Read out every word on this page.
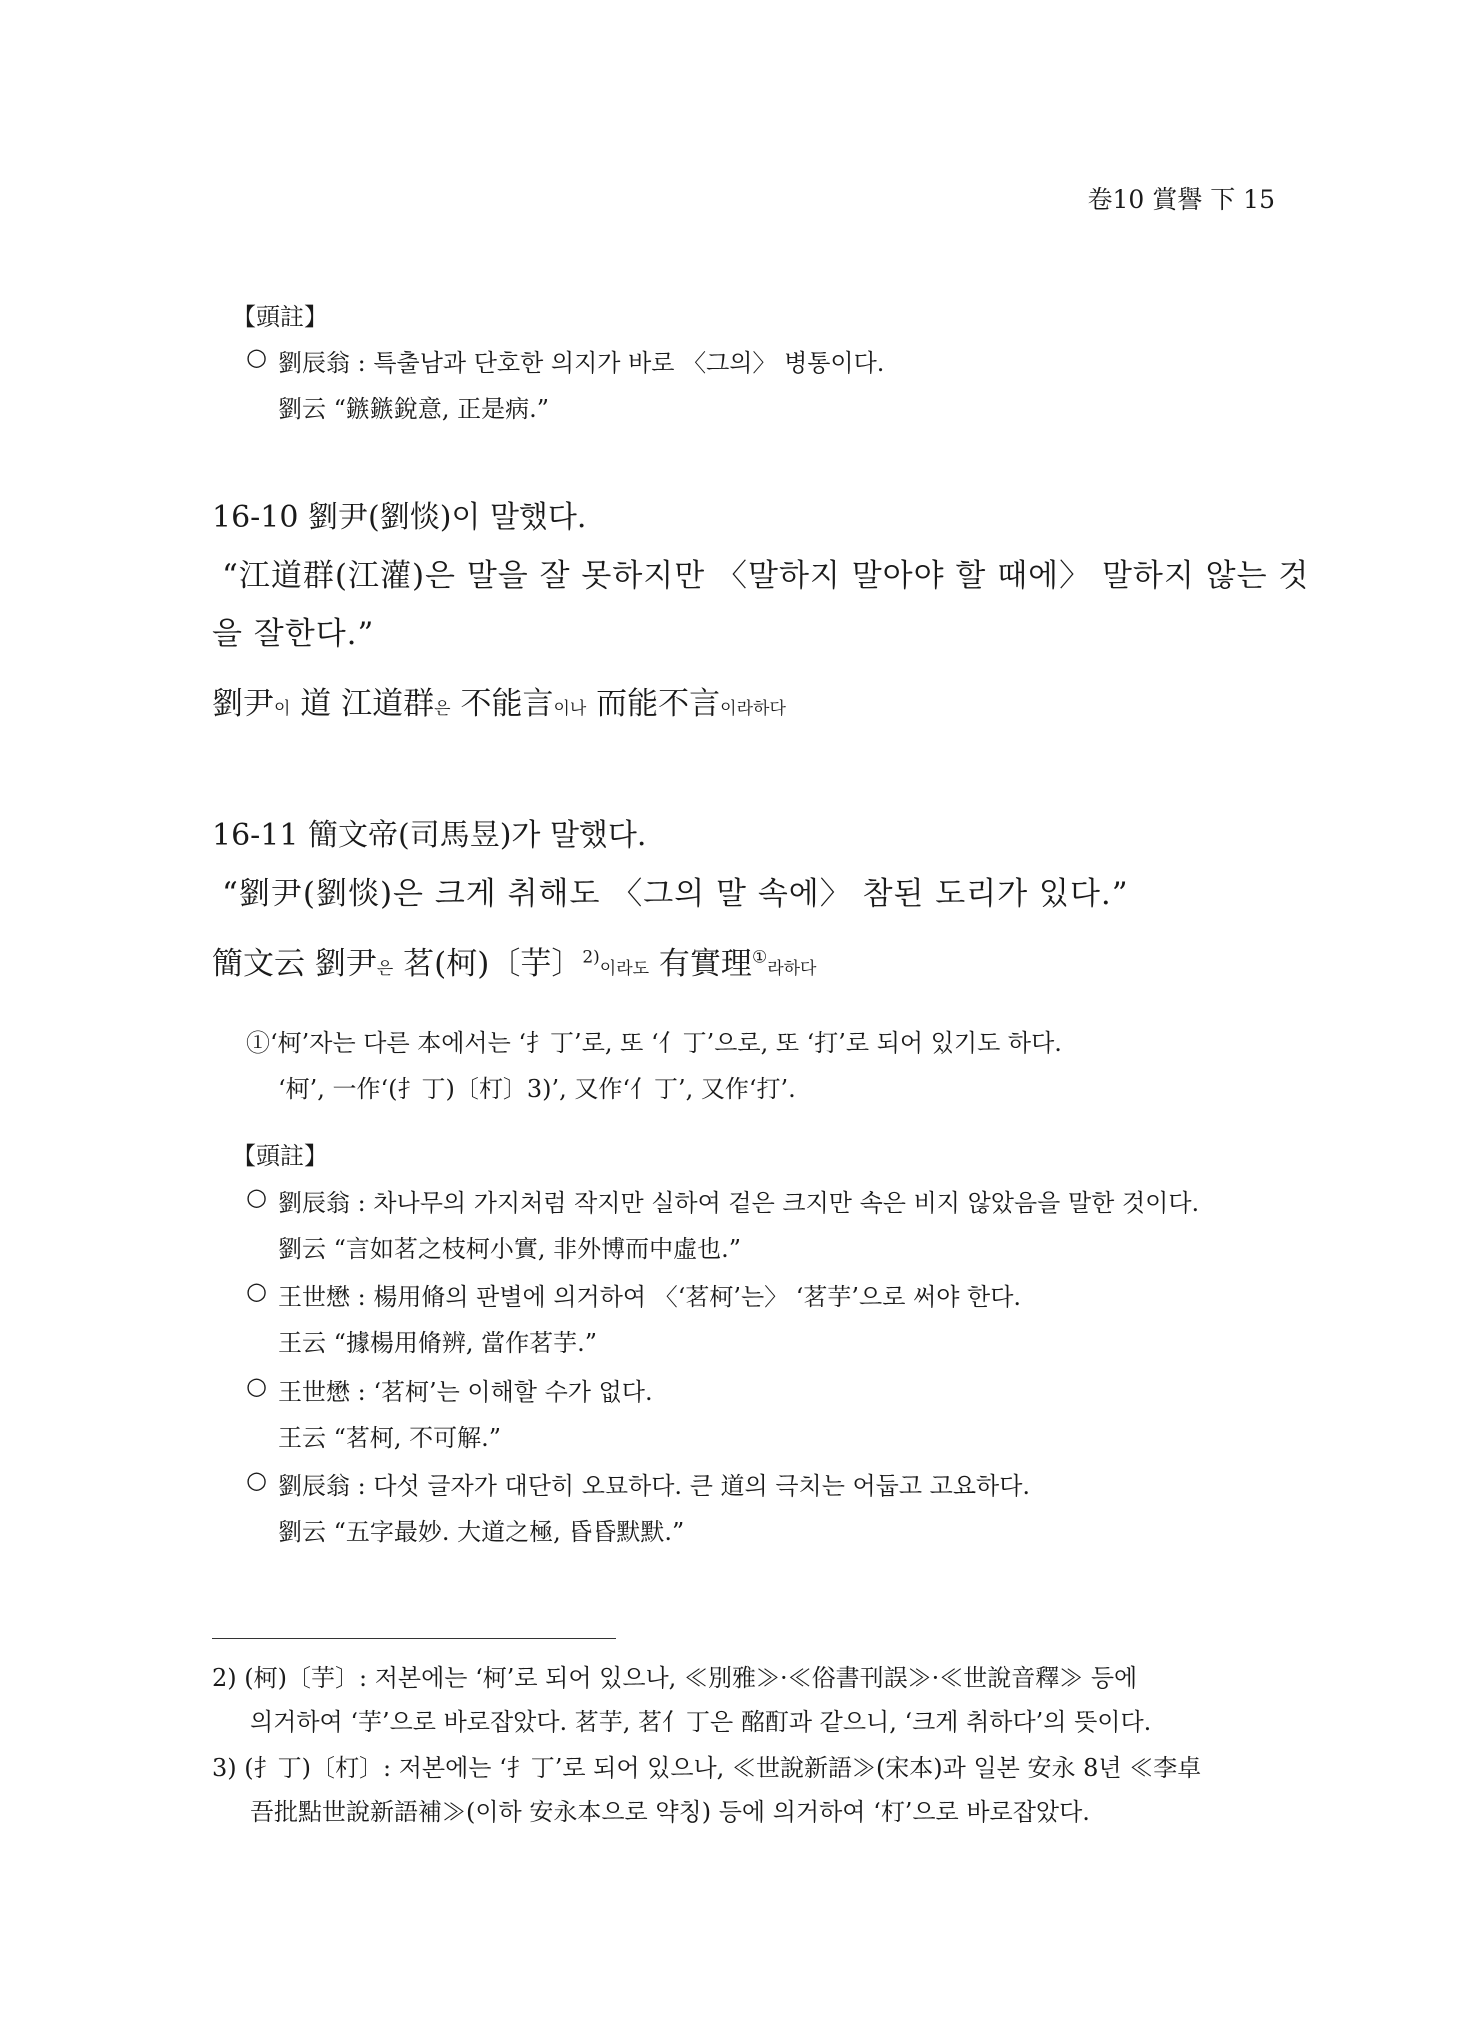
卷10 賞譽 下 15
【頭註】
○ 劉辰翁 : 특출남과 단호한 의지가 바로 〈그의〉 병통이다.
劉云 “鏃鏃銳意, 正是病.”
16-10 劉尹(劉惔)이 말했다.
“江道群(江灌)은 말을 잘 못하지만 〈말하지 말아야 할 때에〉 말하지 않는 것
을 잘한다.”
劉尹이 道 江道群은 不能言이나 而能不言이라하다
16-11 簡文帝(司馬昱)가 말했다.
“劉尹(劉惔)은 크게 취해도 〈그의 말 속에〉 참된 도리가 있다.”
簡文云 劉尹은 茗(柯)〔芋〕$^{2)}$이라도 有實理①라하다
①‘柯’자는 다른 本에서는 ‘扌丁’로, 또 ‘亻丁’으로, 또 ‘打’로 되어 있기도 하다.
‘柯’, 一作‘(扌丁)〔朾〕3)’, 又作‘亻丁’, 又作‘打’.
【頭註】
○ 劉辰翁 : 차나무의 가지처럼 작지만 실하여 겉은 크지만 속은 비지 않았음을 말한 것이다.
劉云 “言如茗之枝柯小實, 非外博而中虛也.”
○ 王世懋 : 楊用脩의 판별에 의거하여 〈‘茗柯’는〉 ‘茗芋’으로 써야 한다.
王云 “據楊用脩辨, 當作茗芋.”
○ 王世懋 : ‘茗柯’는 이해할 수가 없다.
王云 “茗柯, 不可解.”
○ 劉辰翁 : 다섯 글자가 대단히 오묘하다. 큰 道의 극치는 어둡고 고요하다.
劉云 “五字最妙. 大道之極, 昏昏默默.”
2) (柯)〔芋〕: 저본에는 ‘柯’로 되어 있으나, ≪別雅≫·≪俗書刊誤≫·≪世說音釋≫ 등에
의거하여 ‘芋’으로 바로잡았다. 茗芋, 茗亻丁은 酩酊과 같으니, ‘크게 취하다’의 뜻이다.
3) (扌丁)〔朾〕: 저본에는 ‘扌丁’로 되어 있으나, ≪世說新語≫(宋本)과 일본 安永 8년 ≪李卓
吾批點世說新語補≫(이하 安永本으로 약칭) 등에 의거하여 ‘朾’으로 바로잡았다.
